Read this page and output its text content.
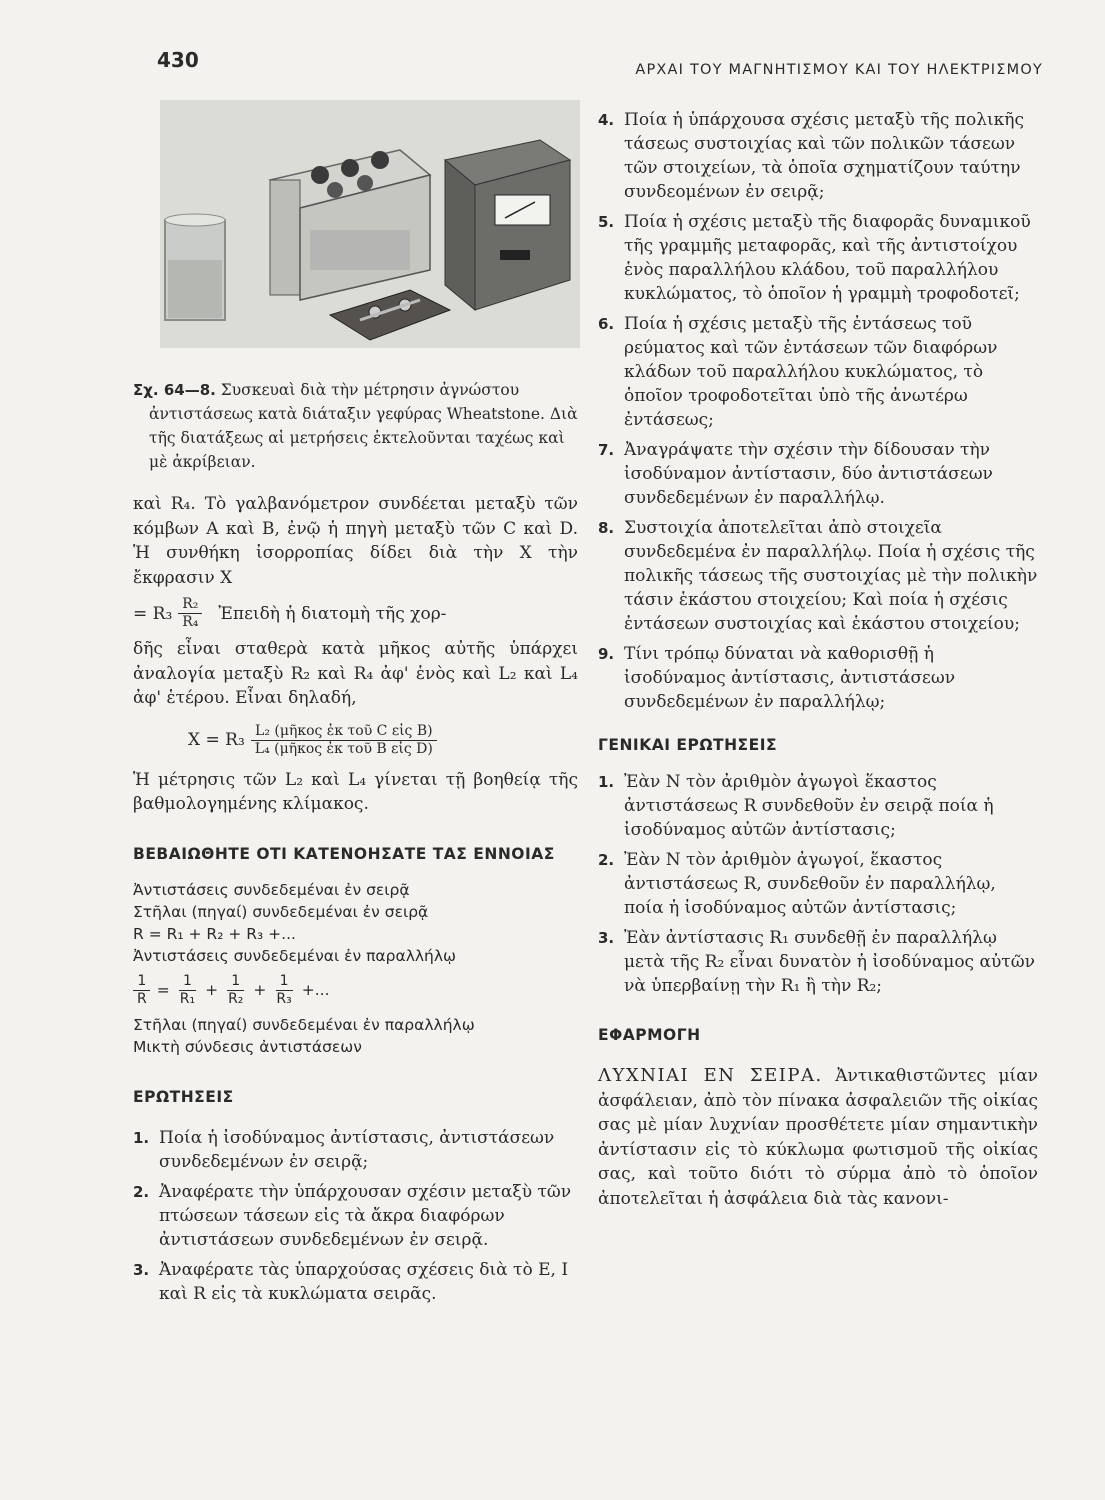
430	ΑΡΧΑΙ ΤΟΥ ΜΑΓΝΗΤΙΣΜΟΥ ΚΑΙ ΤΟΥ ΗΛΕΚΤΡΙΣΜΟΥ
Σχ. 64—8. Συσκευαὶ διὰ τὴν μέτρησιν ἀγνώστου ἀντιστάσεως κατὰ διάταξιν γεφύρας Wheatstone. Διὰ τῆς διατάξεως αἱ μετρήσεις ἐκτελοῦνται ταχέως καὶ μὲ ἀκρίβειαν.

καὶ R₄. Τὸ γαλβανόμετρον συνδέεται μεταξὺ τῶν κόμβων Α καὶ Β, ἐνῷ ἡ πηγὴ μεταξὺ τῶν C καὶ D. Ἡ συνθήκη ἰσορροπίας δίδει διὰ τὴν X τὴν ἔκφρασιν X

= $R_3 \frac{\text{R₂}}{\text{R₄}}$ Ἐπειδὴ ἡ διατομὴ τῆς χορ-

δῆς εἶναι σταθερὰ κατὰ μῆκος αὐτῆς ὑπάρχει ἀναλογία μεταξὺ R₂ καὶ R₄ ἀφ' ἑνὸς καὶ L₂ καὶ L₄ ἀφ' ἑτέρου. Εἶναι δηλαδή,

$X = R_3 \frac{\text{L₂ (μῆκος ἐκ τοῦ C εἰς B)}}{\text{L₄ (μῆκος ἐκ τοῦ B εἰς D)}}$

Ἡ μέτρησις τῶν L₂ καὶ L₄ γίνεται τῇ βοηθείᾳ τῆς βαθμολογημένης κλίμακος.

ΒΕΒΑΙΩΘΗΤΕ ΟΤΙ ΚΑΤΕΝΟΗΣΑΤΕ ΤΑΣ ΕΝΝΟΙΑΣ
Ἀντιστάσεις συνδεδεμέναι ἐν σειρᾷ
Στῆλαι (πηγαί) συνδεδεμέναι ἐν σειρᾷ
R = R₁ + R₂ + R₃ +...
Ἀντιστάσεις συνδεδεμέναι ἐν παραλλήλῳ
$\frac{1}{R} = \frac{1}{\text{R₁}} + \frac{1}{\text{R₂}} + \frac{1}{\text{R₃}}$ +...
Στῆλαι (πηγαί) συνδεδεμέναι ἐν παραλλήλῳ
Μικτὴ σύνδεσις ἀντιστάσεων
ΕΡΩΤΗΣΕΙΣ
1. Ποία ἡ ἰσοδύναμος ἀντίστασις, ἀντιστάσεων συνδεδεμένων ἐν σειρᾷ;
2. Ἀναφέρατε τὴν ὑπάρχουσαν σχέσιν μεταξὺ τῶν πτώσεων τάσεων εἰς τὰ ἄκρα διαφόρων ἀντιστάσεων συνδεδεμένων ἐν σειρᾷ.
3. Ἀναφέρατε τὰς ὑπαρχούσας σχέσεις διὰ τὸ E, I καὶ R εἰς τὰ κυκλώματα σειρᾶς.
4. Ποία ἡ ὑπάρχουσα σχέσις μεταξὺ τῆς πολικῆς τάσεως συστοιχίας καὶ τῶν πολικῶν τάσεων τῶν στοιχείων, τὰ ὁποῖα σχηματίζουν ταύτην συνδεομένων ἐν σειρᾷ;
5. Ποία ἡ σχέσις μεταξὺ τῆς διαφορᾶς δυναμικοῦ τῆς γραμμῆς μεταφορᾶς, καὶ τῆς ἀντιστοίχου ἑνὸς παραλλήλου κλάδου, τοῦ παραλλήλου κυκλώματος, τὸ ὁποῖον ἡ γραμμὴ τροφοδοτεῖ;
6. Ποία ἡ σχέσις μεταξὺ τῆς ἐντάσεως τοῦ ρεύματος καὶ τῶν ἐντάσεων τῶν διαφόρων κλάδων τοῦ παραλλήλου κυκλώματος, τὸ ὁποῖον τροφοδοτεῖται ὑπὸ τῆς ἀνωτέρω ἐντάσεως;
7. Ἀναγράψατε τὴν σχέσιν τὴν δίδουσαν τὴν ἰσοδύναμον ἀντίστασιν, δύο ἀντιστάσεων συνδεδεμένων ἐν παραλλήλῳ.
8. Συστοιχία ἀποτελεῖται ἀπὸ στοιχεῖα συνδεδεμένα ἐν παραλλήλῳ. Ποία ἡ σχέσις τῆς πολικῆς τάσεως τῆς συστοιχίας μὲ τὴν πολικὴν τάσιν ἑκάστου στοιχείου; Καὶ ποία ἡ σχέσις ἐντάσεων συστοιχίας καὶ ἑκάστου στοιχείου;
9. Τίνι τρόπῳ δύναται νὰ καθορισθῇ ἡ ἰσοδύναμος ἀντίστασις, ἀντιστάσεων συνδεδεμένων ἐν παραλλήλῳ;
ΓΕΝΙΚΑΙ ΕΡΩΤΗΣΕΙΣ
1. Ἐὰν N τὸν ἀριθμὸν ἀγωγοὶ ἕκαστος ἀντιστάσεως R συνδεθοῦν ἐν σειρᾷ ποία ἡ ἰσοδύναμος αὐτῶν ἀντίστασις;
2. Ἐὰν N τὸν ἀριθμὸν ἀγωγοί, ἕκαστος ἀντιστάσεως R, συνδεθοῦν ἐν παραλλήλῳ, ποία ἡ ἰσοδύναμος αὐτῶν ἀντίστασις;
3. Ἐὰν ἀντίστασις R₁ συνδεθῇ ἐν παραλλήλῳ μετὰ τῆς R₂ εἶναι δυνατὸν ἡ ἰσοδύναμος αὐτῶν νὰ ὑπερβαίνῃ τὴν R₁ ἢ τὴν R₂;
ΕΦΑΡΜΟΓΗ

ΛΥΧΝΙΑΙ ΕΝ ΣΕΙΡΑ. Ἀντικαθιστῶντες μίαν ἀσφάλειαν, ἀπὸ τὸν πίνακα ἀσφαλειῶν τῆς οἰκίας σας μὲ μίαν λυχνίαν προσθέτετε μίαν σημαντικὴν ἀντίστασιν εἰς τὸ κύκλωμα φωτισμοῦ τῆς οἰκίας σας, καὶ τοῦτο διότι τὸ σύρμα ἀπὸ τὸ ὁποῖον ἀποτελεῖται ἡ ἀσφάλεια διὰ τὰς κανονι-
